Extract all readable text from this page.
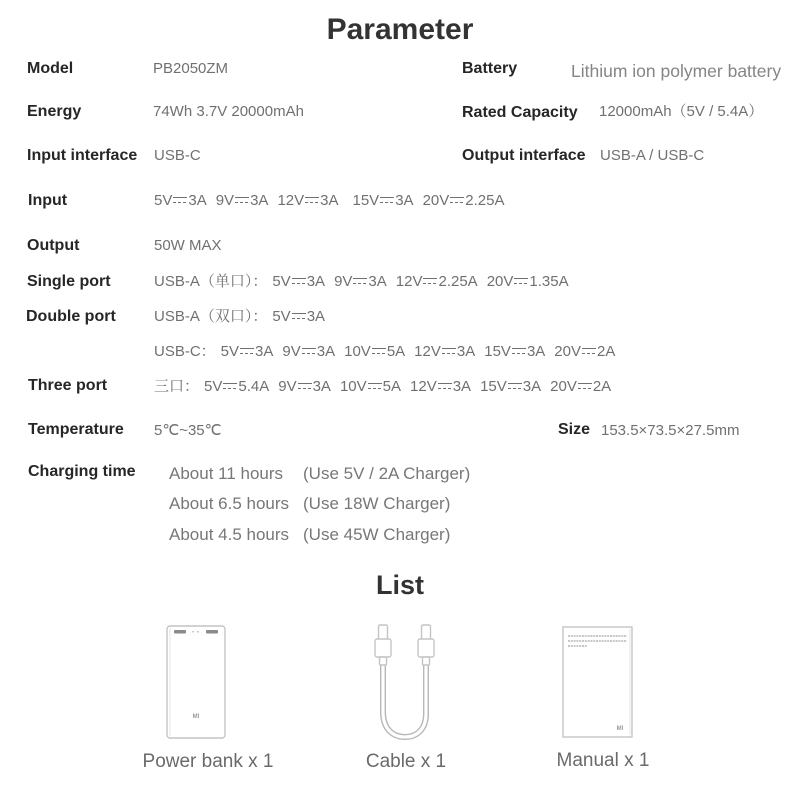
Parameter
Model	PB2050ZM	Battery	Lithium ion polymer battery
Energy	74Wh 3.7V 20000mAh	Rated Capacity 12000mAh（5V / 5.4A）
Input interface USB-C	Output interface USB-A / USB-C
Input	5V 3A 9V 3A 12V 3A 15V 3A 20V 2.25A
Output	50W MAX
Single port	USB-A（单口）： 5V 3A 9V 3A 12V 2.25A 20V 1.35A
Double port	USB-A（双口）： 5V 3A
USB-C： 5V 3A 9V 3A 10V 5A 12V 3A 15V 3A 20V 2A
Three port	三口： 5V 5.4A 9V 3A 10V 5A 12V 3A 15V 3A 20V 2A
Temperature 5℃~35℃	Size 153.5×73.5×27.5mm
Charging time About 11 hours (Use 5V / 2A Charger)
About 6.5 hours (Use 18W Charger)
About 4.5 hours (Use 45W Charger)
List
MI
Power bank x 1	Cable x 1
MI
Manual x 1
